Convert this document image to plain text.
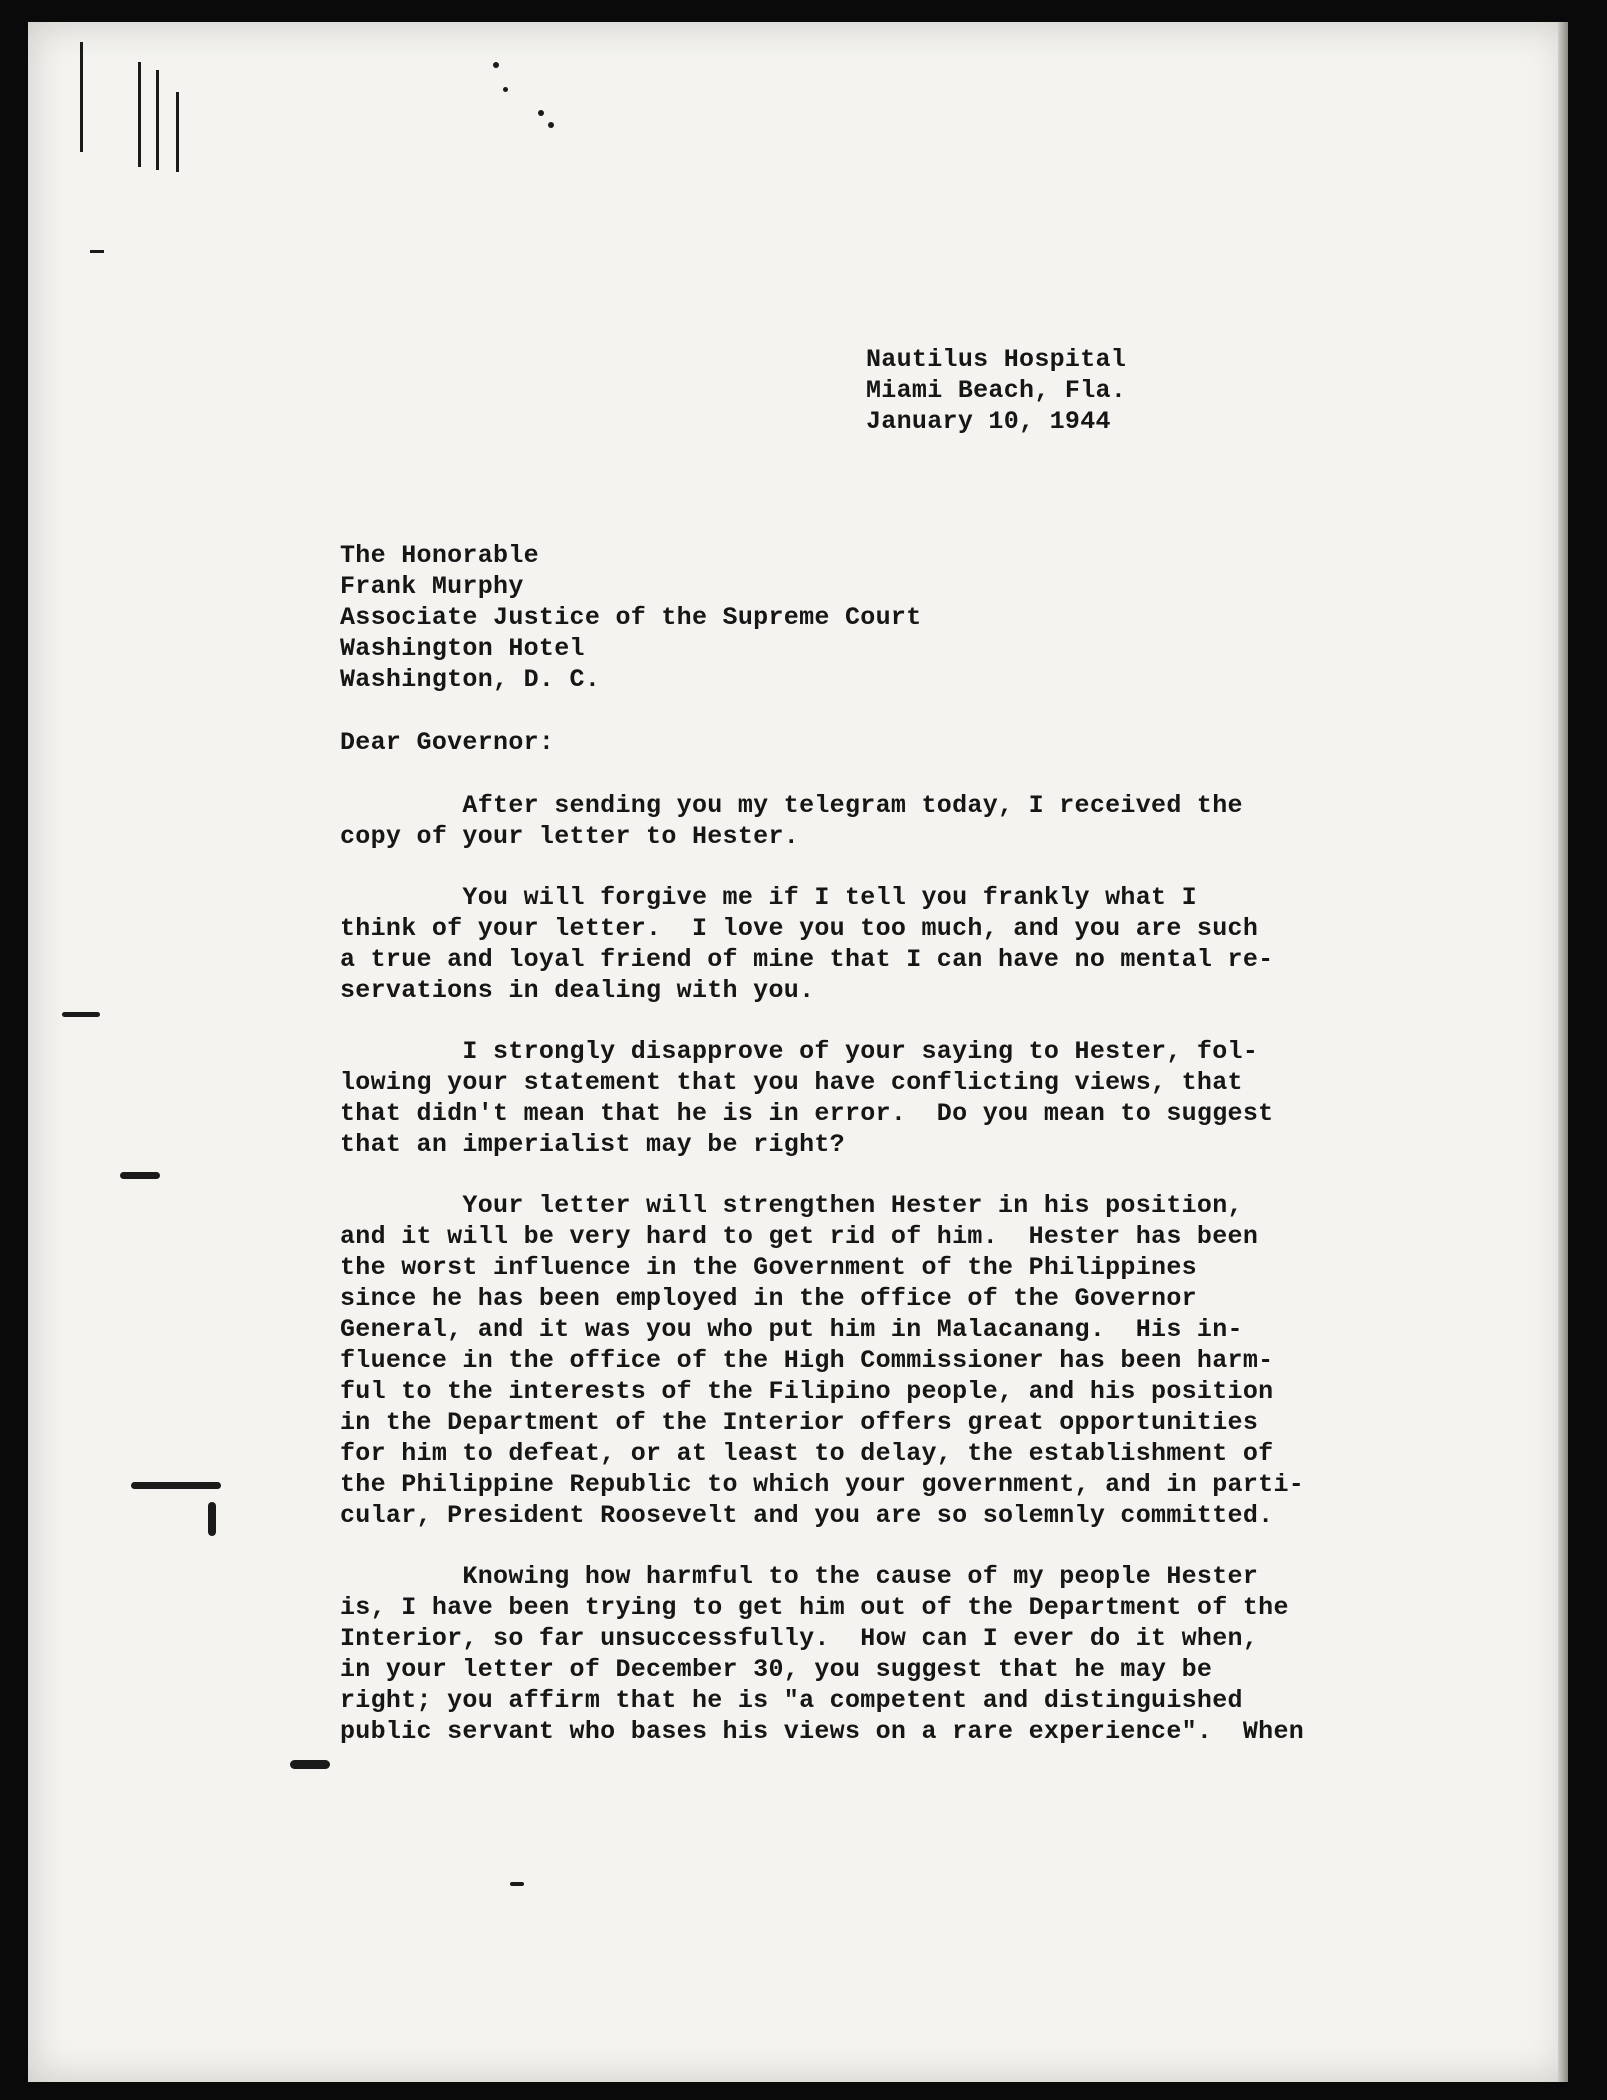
Nautilus Hospital
Miami Beach, Fla.
January 10, 1944
The Honorable
Frank Murphy
Associate Justice of the Supreme Court
Washington Hotel
Washington, D. C.
Dear Governor:
After sending you my telegram today, I received the
copy of your letter to Hester.
You will forgive me if I tell you frankly what I
think of your letter.  I love you too much, and you are such
a true and loyal friend of mine that I can have no mental re-
servations in dealing with you.
I strongly disapprove of your saying to Hester, fol-
lowing your statement that you have conflicting views, that
that didn't mean that he is in error.  Do you mean to suggest
that an imperialist may be right?
Your letter will strengthen Hester in his position,
and it will be very hard to get rid of him.  Hester has been
the worst influence in the Government of the Philippines
since he has been employed in the office of the Governor
General, and it was you who put him in Malacanang.  His in-
fluence in the office of the High Commissioner has been harm-
ful to the interests of the Filipino people, and his position
in the Department of the Interior offers great opportunities
for him to defeat, or at least to delay, the establishment of
the Philippine Republic to which your government, and in parti-
cular, President Roosevelt and you are so solemnly committed.
Knowing how harmful to the cause of my people Hester
is, I have been trying to get him out of the Department of the
Interior, so far unsuccessfully.  How can I ever do it when,
in your letter of December 30, you suggest that he may be
right; you affirm that he is "a competent and distinguished
public servant who bases his views on a rare experience".  When
